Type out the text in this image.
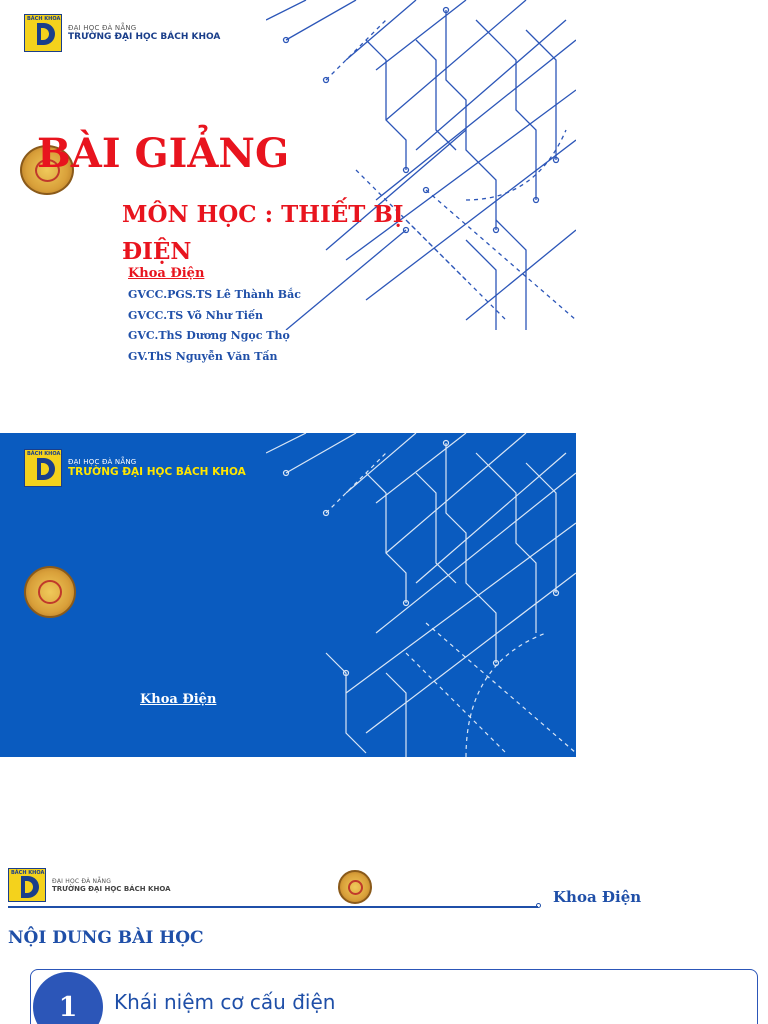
BÁCH KHOA
ĐẠI HỌC ĐÀ NẴNG
TRƯỜNG ĐẠI HỌC BÁCH KHOA
BÀI GIẢNG
MÔN HỌC : THIẾT BỊ ĐIỆN
Khoa Điện
GVCC.PGS.TS Lê Thành Bắc
GVCC.TS Võ Như Tiến
GVC.ThS Dương Ngọc Thọ
GV.ThS Nguyễn Văn Tấn
BÁCH KHOA
ĐẠI HỌC ĐÀ NẴNG
TRƯỜNG ĐẠI HỌC BÁCH KHOA
Khoa Điện
BÁCH KHOA
ĐẠI HỌC ĐÀ NẴNG
TRƯỜNG ĐẠI HỌC BÁCH KHOA	Khoa Điện
NỘI DUNG BÀI HỌC
1	Khái niệm cơ cấu điện
